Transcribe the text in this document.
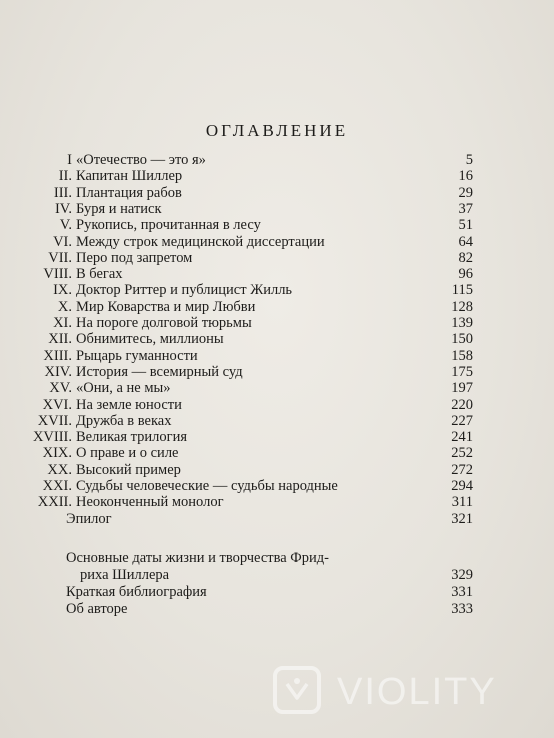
ОГЛАВЛЕНИЕ
I «Отечество — это я»	5
II. Капитан Шиллер	16
III. Плантация рабов	29
IV. Буря и натиск	37
V. Рукопись, прочитанная в лесу	51
VI. Между строк медицинской диссертации	64
VII. Перо под запретом	82
VIII. В бегах	96
IX. Доктор Риттер и публицист Жилль	115
X. Мир Коварства и мир Любви	128
XI. На пороге долговой тюрьмы	139
XII. Обнимитесь, миллионы	150
XIII. Рыцарь гуманности	158
XIV. История — всемирный суд	175
XV. «Они, а не мы»	197
XVI. На земле юности	220
XVII. Дружба в веках	227
XVIII. Великая трилогия	241
XIX. О праве и о силе	252
XX. Высокий пример	272
XXI. Судьбы человеческие — судьбы народные	294
XXII. Неоконченный монолог	311
Эпилог	321
Основные даты жизни и творчества Фрид-
риха Шиллера	329
Краткая библиография	331
Об авторе	333
VIOLITY
